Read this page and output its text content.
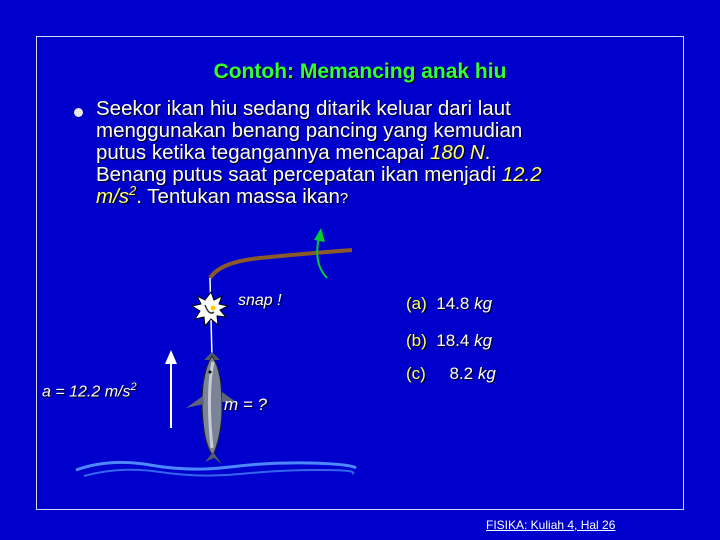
Contoh: Memancing anak hiu
Seekor ikan hiu sedang ditarik keluar dari laut
menggunakan benang pancing yang kemudian
putus ketika tegangannya mencapai 180 N.
Benang putus saat percepatan ikan menjadi 12.2
$m/s^2$. Tentukan massa ikan?
snap !
a = 12.2 $m/s^2$
m = ?
(a) 14.8 kg
(b) 18.4 kg
(c) 8.2 kg
FISIKA: Kuliah 4, Hal 26
